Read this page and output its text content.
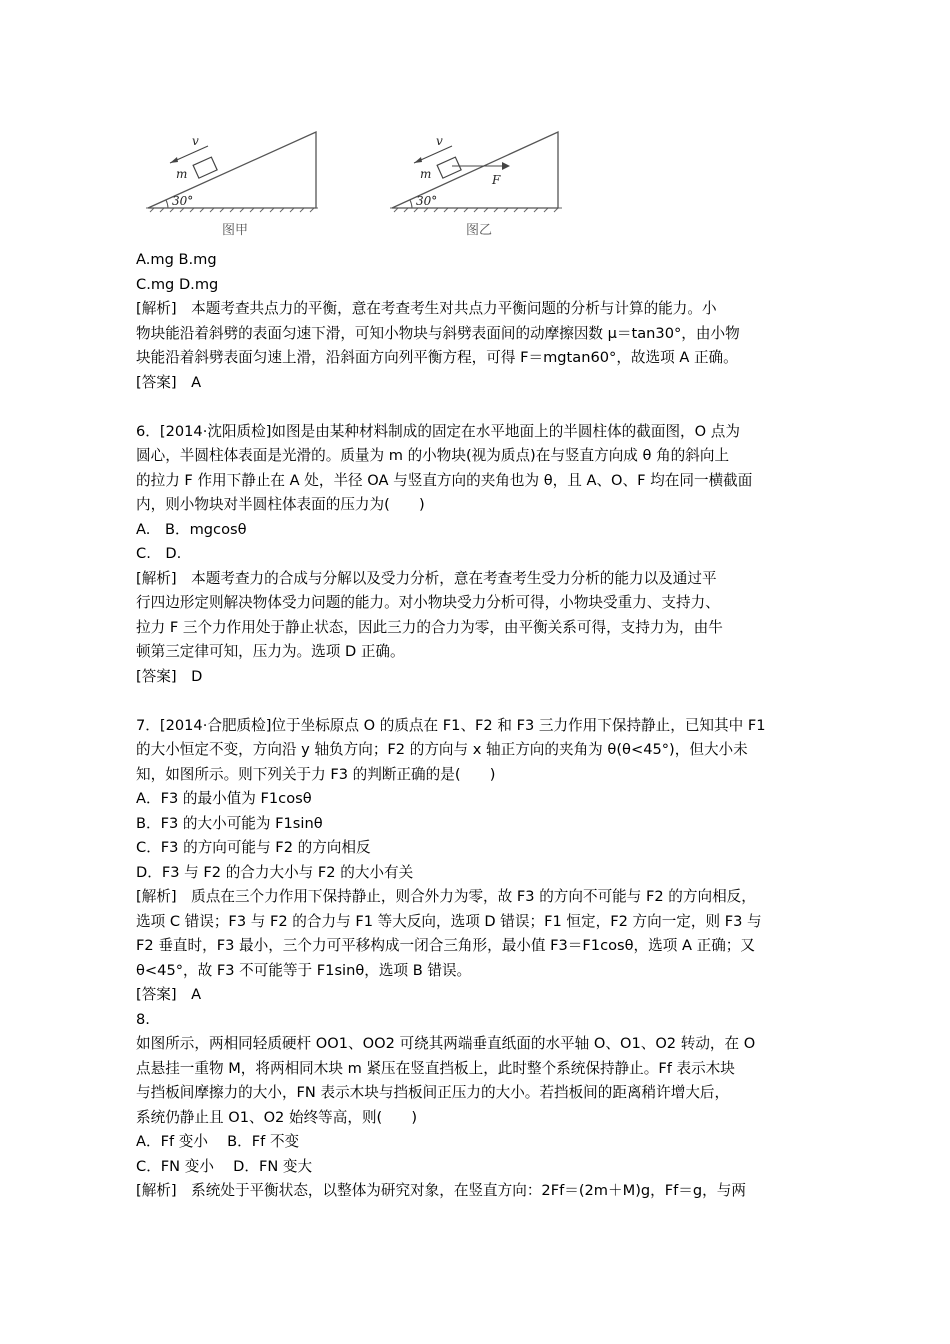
v
m
30°
图甲
v
m	F
30°
图乙
A.mg B.mg
C.mg D.mg
[解析]　本题考查共点力的平衡，意在考查考生对共点力平衡问题的分析与计算的能力。小
物块能沿着斜劈的表面匀速下滑，可知小物块与斜劈表面间的动摩擦因数 μ＝tan30°，由小物
块能沿着斜劈表面匀速上滑，沿斜面方向列平衡方程，可得 F＝mgtan60°，故选项 A 正确。
[答案]　A
6．[2014·沈阳质检]如图是由某种材料制成的固定在水平地面上的半圆柱体的截面图，O 点为
圆心，半圆柱体表面是光滑的。质量为 m 的小物块(视为质点)在与竖直方向成 θ 角的斜向上
的拉力 F 作用下静止在 A 处，半径 OA 与竖直方向的夹角也为 θ，且 A、O、F 均在同一横截面
内，则小物块对半圆柱体表面的压力为(　　)
A.　B．mgcosθ
C.　D.
[解析]　本题考查力的合成与分解以及受力分析，意在考查考生受力分析的能力以及通过平
行四边形定则解决物体受力问题的能力。对小物块受力分析可得，小物块受重力、支持力、
拉力 F 三个力作用处于静止状态，因此三力的合力为零，由平衡关系可得，支持力为，由牛
顿第三定律可知，压力为。选项 D 正确。
[答案]　D
7．[2014·合肥质检]位于坐标原点 O 的质点在 F1、F2 和 F3 三力作用下保持静止，已知其中 F1
的大小恒定不变，方向沿 y 轴负方向；F2 的方向与 x 轴正方向的夹角为 θ(θ<45°)，但大小未
知，如图所示。则下列关于力 F3 的判断正确的是(　　)
A．F3 的最小值为 F1cosθ
B．F3 的大小可能为 F1sinθ
C．F3 的方向可能与 F2 的方向相反
D．F3 与 F2 的合力大小与 F2 的大小有关
[解析]　质点在三个力作用下保持静止，则合外力为零，故 F3 的方向不可能与 F2 的方向相反，
选项 C 错误；F3 与 F2 的合力与 F1 等大反向，选项 D 错误；F1 恒定，F2 方向一定，则 F3 与
F2 垂直时，F3 最小，三个力可平移构成一闭合三角形，最小值 F3＝F1cosθ，选项 A 正确；又
θ<45°，故 F3 不可能等于 F1sinθ，选项 B 错误。
[答案]　A
8.
如图所示，两相同轻质硬杆 OO1、OO2 可绕其两端垂直纸面的水平轴 O、O1、O2 转动，在 O
点悬挂一重物 M，将两相同木块 m 紧压在竖直挡板上，此时整个系统保持静止。Ff 表示木块
与挡板间摩擦力的大小，FN 表示木块与挡板间正压力的大小。若挡板间的距离稍许增大后，
系统仍静止且 O1、O2 始终等高，则(　　)
A．Ff 变小　 B．Ff 不变
C．FN 变小　 D．FN 变大
[解析]　系统处于平衡状态，以整体为研究对象，在竖直方向：2Ff＝(2m＋M)g，Ff＝g，与两
